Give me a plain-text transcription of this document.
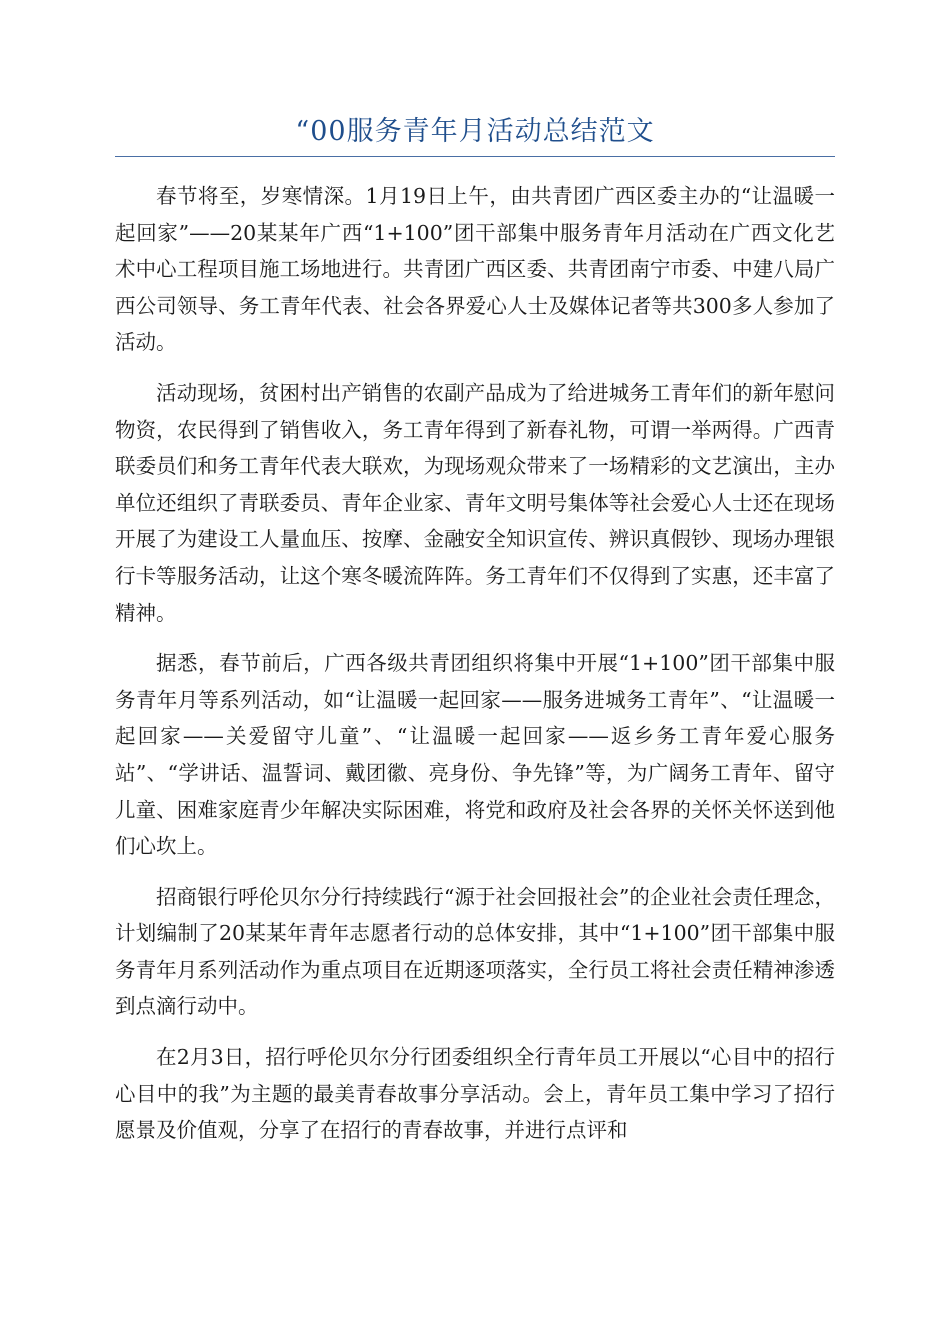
“00服务青年月活动总结范文

春节将至，岁寒情深。1月19日上午，由共青团广西区委主办的“让温暖一起回家”——20某某年广西“1+100”团干部集中服务青年月活动在广西文化艺术中心工程项目施工场地进行。共青团广西区委、共青团南宁市委、中建八局广西公司领导、务工青年代表、社会各界爱心人士及媒体记者等共300多人参加了活动。

活动现场，贫困村出产销售的农副产品成为了给进城务工青年们的新年慰问物资，农民得到了销售收入，务工青年得到了新春礼物，可谓一举两得。广西青联委员们和务工青年代表大联欢，为现场观众带来了一场精彩的文艺演出，主办单位还组织了青联委员、青年企业家、青年文明号集体等社会爱心人士还在现场开展了为建设工人量血压、按摩、金融安全知识宣传、辨识真假钞、现场办理银行卡等服务活动，让这个寒冬暖流阵阵。务工青年们不仅得到了实惠，还丰富了精神。

据悉，春节前后，广西各级共青团组织将集中开展“1+100”团干部集中服务青年月等系列活动，如“让温暖一起回家——服务进城务工青年”、“让温暖一起回家——关爱留守儿童”、“让温暖一起回家——返乡务工青年爱心服务站”、“学讲话、温誓词、戴团徽、亮身份、争先锋”等，为广阔务工青年、留守儿童、困难家庭青少年解决实际困难，将党和政府及社会各界的关怀关怀送到他们心坎上。

招商银行呼伦贝尔分行持续践行“源于社会回报社会”的企业社会责任理念，计划编制了20某某年青年志愿者行动的总体安排，其中“1+100”团干部集中服务青年月系列活动作为重点项目在近期逐项落实，全行员工将社会责任精神渗透到点滴行动中。

在2月3日，招行呼伦贝尔分行团委组织全行青年员工开展以“心目中的招行心目中的我”为主题的最美青春故事分享活动。会上，青年员工集中学习了招行愿景及价值观，分享了在招行的青春故事，并进行点评和
